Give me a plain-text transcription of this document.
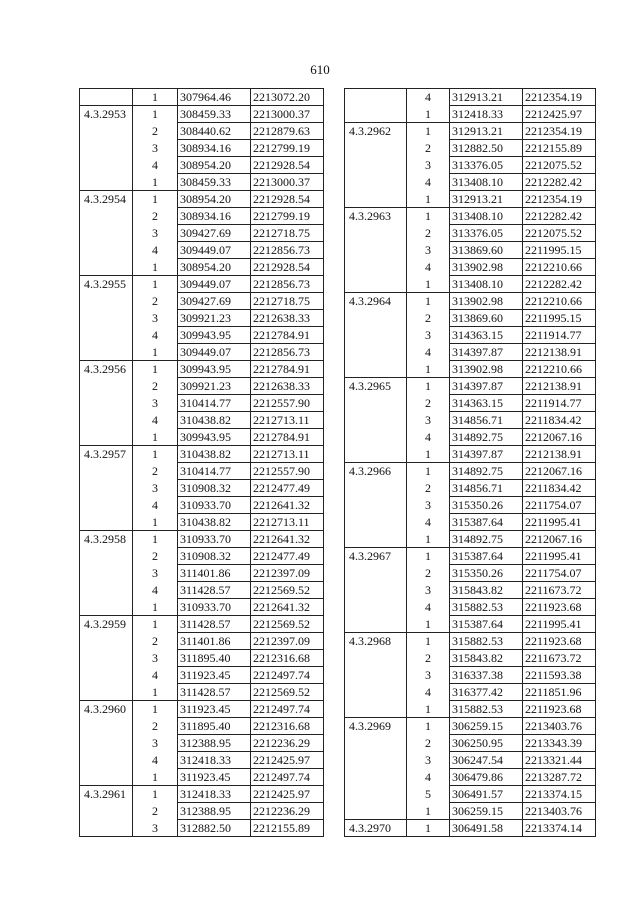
610
	1	307964.46	2213072.20
4.3.2953	1	308459.33	2213000.37
	2	308440.62	2212879.63
	3	308934.16	2212799.19
	4	308954.20	2212928.54
	1	308459.33	2213000.37
4.3.2954	1	308954.20	2212928.54
	2	308934.16	2212799.19
	3	309427.69	2212718.75
	4	309449.07	2212856.73
	1	308954.20	2212928.54
4.3.2955	1	309449.07	2212856.73
	2	309427.69	2212718.75
	3	309921.23	2212638.33
	4	309943.95	2212784.91
	1	309449.07	2212856.73
4.3.2956	1	309943.95	2212784.91
	2	309921.23	2212638.33
	3	310414.77	2212557.90
	4	310438.82	2212713.11
	1	309943.95	2212784.91
4.3.2957	1	310438.82	2212713.11
	2	310414.77	2212557.90
	3	310908.32	2212477.49
	4	310933.70	2212641.32
	1	310438.82	2212713.11
4.3.2958	1	310933.70	2212641.32
	2	310908.32	2212477.49
	3	311401.86	2212397.09
	4	311428.57	2212569.52
	1	310933.70	2212641.32
4.3.2959	1	311428.57	2212569.52
	2	311401.86	2212397.09
	3	311895.40	2212316.68
	4	311923.45	2212497.74
	1	311428.57	2212569.52
4.3.2960	1	311923.45	2212497.74
	2	311895.40	2212316.68
	3	312388.95	2212236.29
	4	312418.33	2212425.97
	1	311923.45	2212497.74
4.3.2961	1	312418.33	2212425.97
	2	312388.95	2212236.29
	3	312882.50	2212155.89
	4	312913.21	2212354.19
	1	312418.33	2212425.97
4.3.2962	1	312913.21	2212354.19
	2	312882.50	2212155.89
	3	313376.05	2212075.52
	4	313408.10	2212282.42
	1	312913.21	2212354.19
4.3.2963	1	313408.10	2212282.42
	2	313376.05	2212075.52
	3	313869.60	2211995.15
	4	313902.98	2212210.66
	1	313408.10	2212282.42
4.3.2964	1	313902.98	2212210.66
	2	313869.60	2211995.15
	3	314363.15	2211914.77
	4	314397.87	2212138.91
	1	313902.98	2212210.66
4.3.2965	1	314397.87	2212138.91
	2	314363.15	2211914.77
	3	314856.71	2211834.42
	4	314892.75	2212067.16
	1	314397.87	2212138.91
4.3.2966	1	314892.75	2212067.16
	2	314856.71	2211834.42
	3	315350.26	2211754.07
	4	315387.64	2211995.41
	1	314892.75	2212067.16
4.3.2967	1	315387.64	2211995.41
	2	315350.26	2211754.07
	3	315843.82	2211673.72
	4	315882.53	2211923.68
	1	315387.64	2211995.41
4.3.2968	1	315882.53	2211923.68
	2	315843.82	2211673.72
	3	316337.38	2211593.38
	4	316377.42	2211851.96
	1	315882.53	2211923.68
4.3.2969	1	306259.15	2213403.76
	2	306250.95	2213343.39
	3	306247.54	2213321.44
	4	306479.86	2213287.72
	5	306491.57	2213374.15
	1	306259.15	2213403.76
4.3.2970	1	306491.58	2213374.14
